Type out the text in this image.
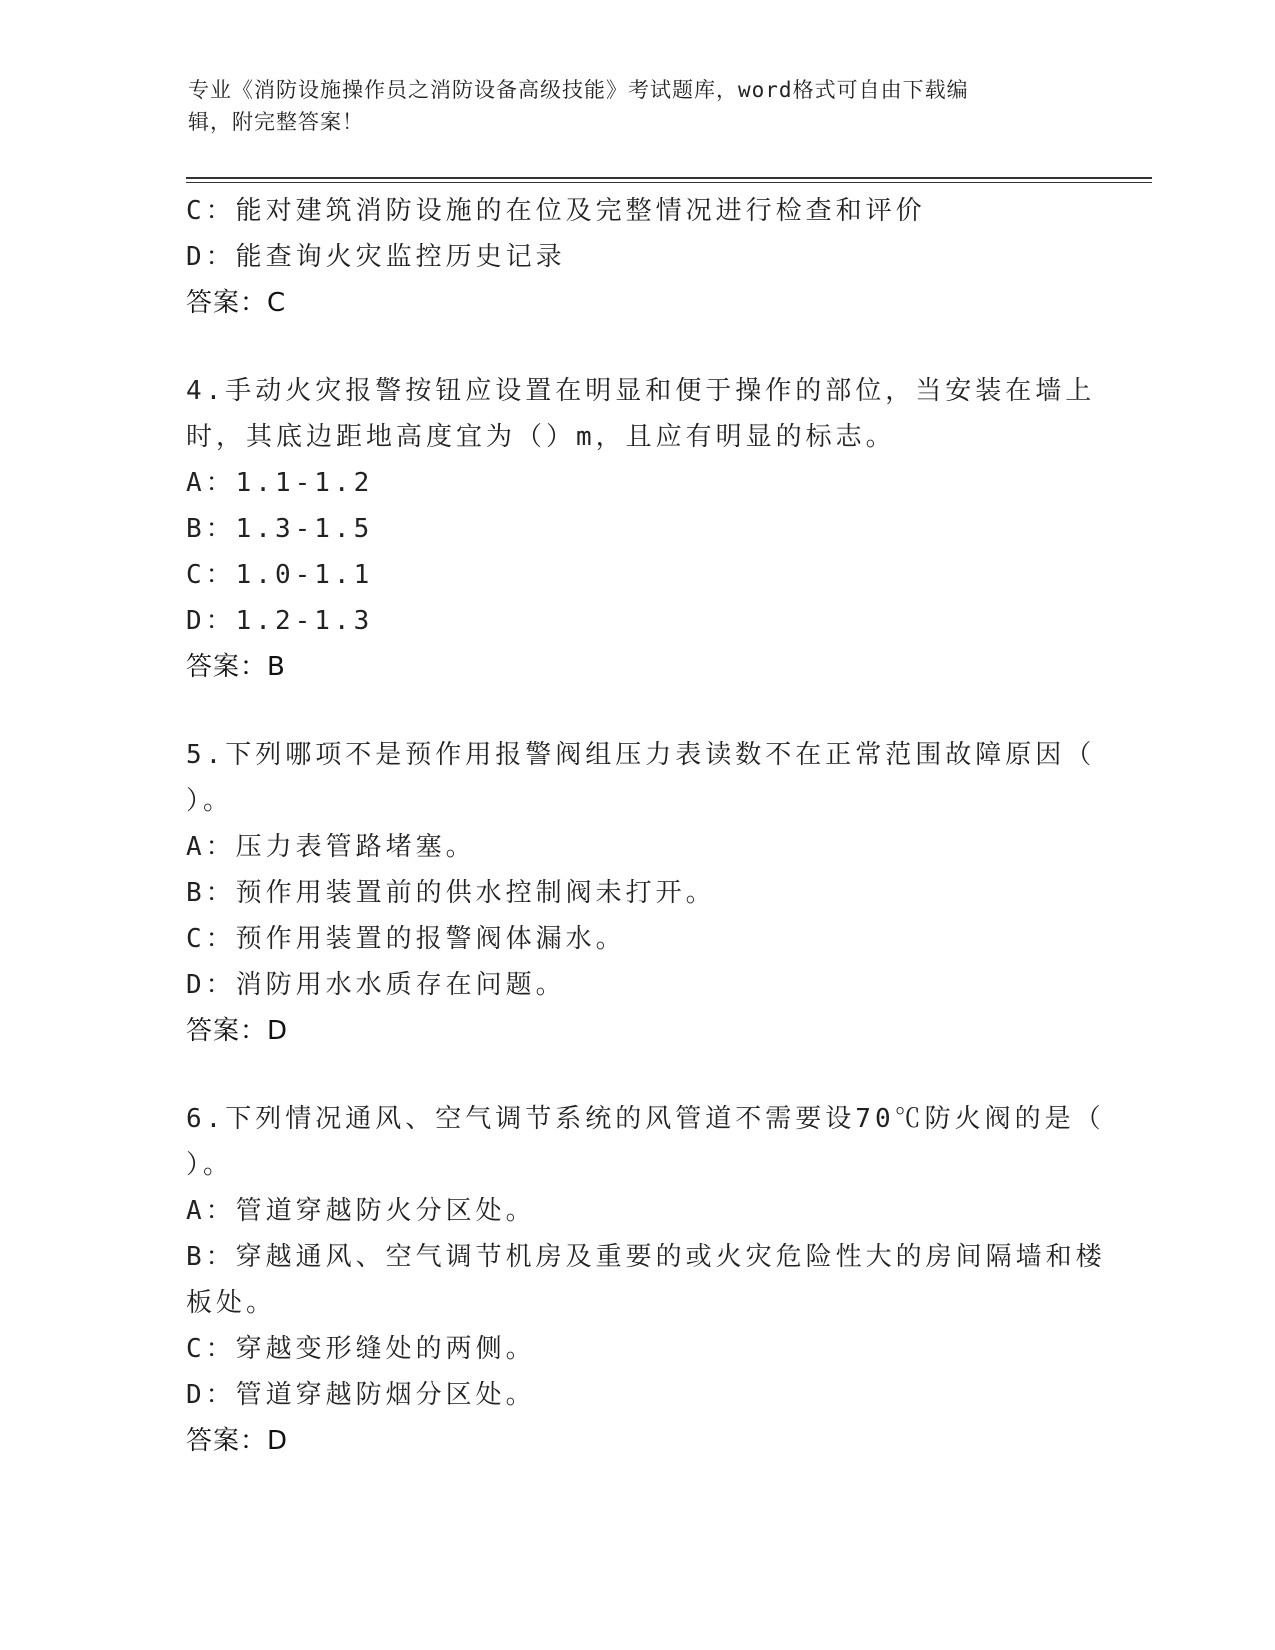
专业《消防设施操作员之消防设备高级技能》考试题库，word格式可自由下载编
辑，附完整答案！
C：能对建筑消防设施的在位及完整情况进行检查和评价
D：能查询火灾监控历史记录
答案：C
4.手动火灾报警按钮应设置在明显和便于操作的部位，当安装在墙上
时，其底边距地高度宜为（）m，且应有明显的标志。
A：1.1-1.2
B：1.3-1.5
C：1.0-1.1
D：1.2-1.3
答案：B
5.下列哪项不是预作用报警阀组压力表读数不在正常范围故障原因（
）。
A：压力表管路堵塞。
B：预作用装置前的供水控制阀未打开。
C：预作用装置的报警阀体漏水。
D：消防用水水质存在问题。
答案：D
6.下列情况通风、空气调节系统的风管道不需要设70℃防火阀的是（
）。
A：管道穿越防火分区处。
B：穿越通风、空气调节机房及重要的或火灾危险性大的房间隔墙和楼
板处。
C：穿越变形缝处的两侧。
D：管道穿越防烟分区处。
答案：D
